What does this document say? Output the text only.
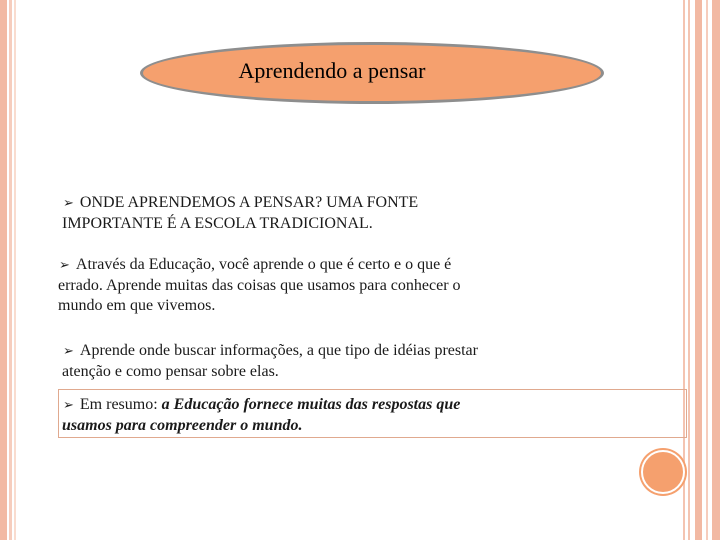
Aprendendo a pensar

➢ ONDE APRENDEMOS A PENSAR? UMA FONTE IMPORTANTE É A ESCOLA TRADICIONAL.

➢ Através da Educação, você aprende o que é certo e o que é errado. Aprende muitas das coisas que usamos para conhecer o mundo em que vivemos.

➢ Aprende onde buscar informações, a que tipo de idéias prestar atenção e como pensar sobre elas.

➢ Em resumo: a Educação fornece muitas das respostas que usamos para compreender o mundo.
